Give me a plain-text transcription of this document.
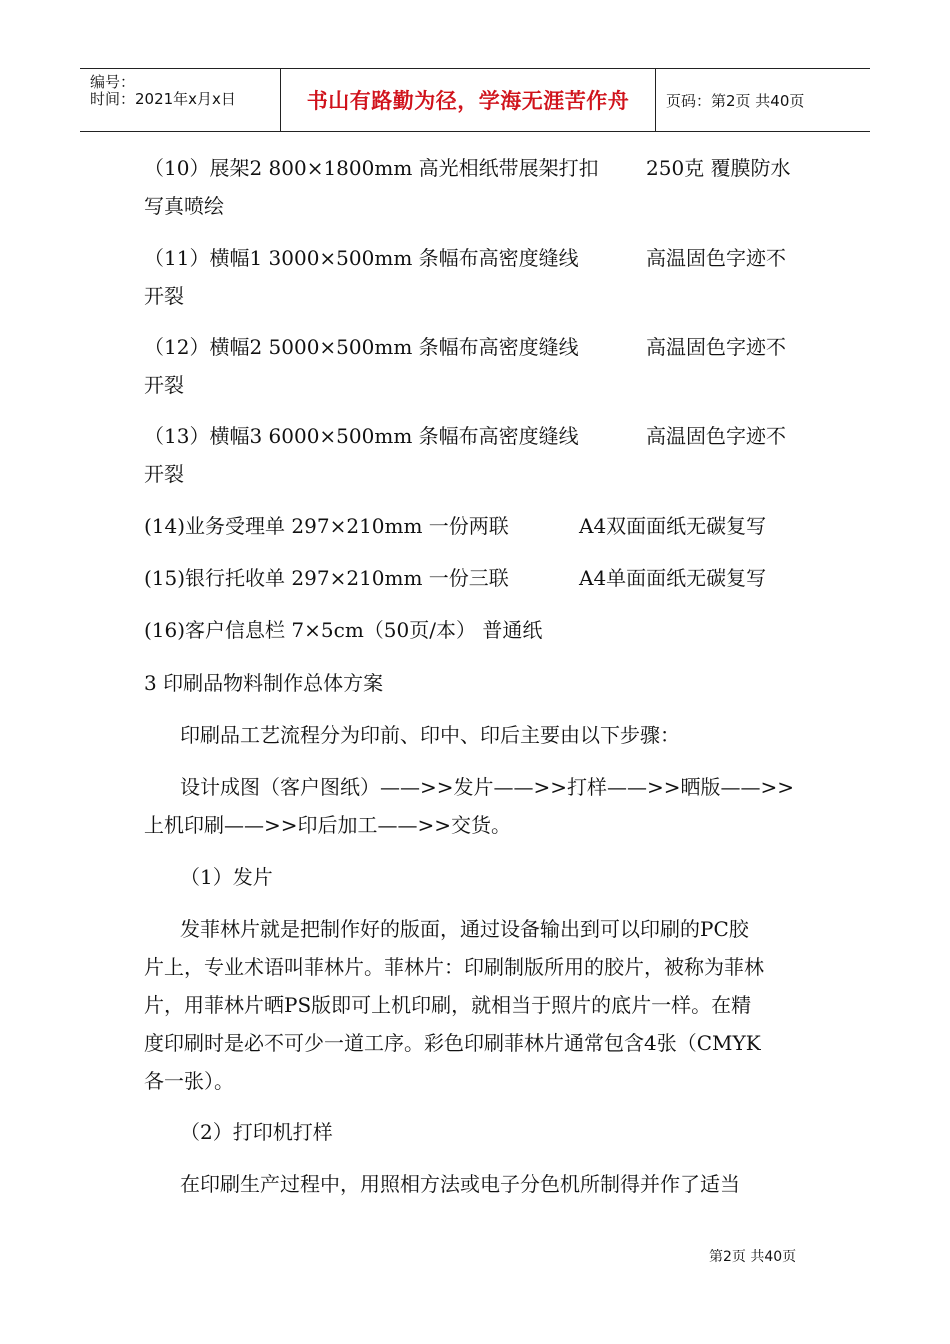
编号：
时间：2021年x月x日	书山有路勤为径，学海无涯苦作舟	页码：第2页 共40页
（10）展架2 800×1800mm 高光相纸带展架打扣 250克 覆膜防水
写真喷绘
（11）横幅1 3000×500mm 条幅布高密度缝线	高温固色字迹不
开裂
（12）横幅2 5000×500mm 条幅布高密度缝线	高温固色字迹不
开裂
（13）横幅3 6000×500mm 条幅布高密度缝线	高温固色字迹不
开裂
(14)业务受理单 297×210mm 一份两联	A4双面面纸无碳复写
(15)银行托收单 297×210mm 一份三联	A4单面面纸无碳复写
(16)客户信息栏 7×5cm（50页/本） 普通纸
3 印刷品物料制作总体方案
印刷品工艺流程分为印前、印中、印后主要由以下步骤：
设计成图（客户图纸）——>>发片——>>打样——>>晒版——>>
上机印刷——>>印后加工——>>交货。
（1）发片
发菲林片就是把制作好的版面，通过设备输出到可以印刷的PC胶
片上，专业术语叫菲林片。菲林片：印刷制版所用的胶片，被称为菲林
片，用菲林片晒PS版即可上机印刷，就相当于照片的底片一样。在精
度印刷时是必不可少一道工序。彩色印刷菲林片通常包含4张（CMYK
各一张）。
（2）打印机打样
在印刷生产过程中，用照相方法或电子分色机所制得并作了适当
第2页 共40页
